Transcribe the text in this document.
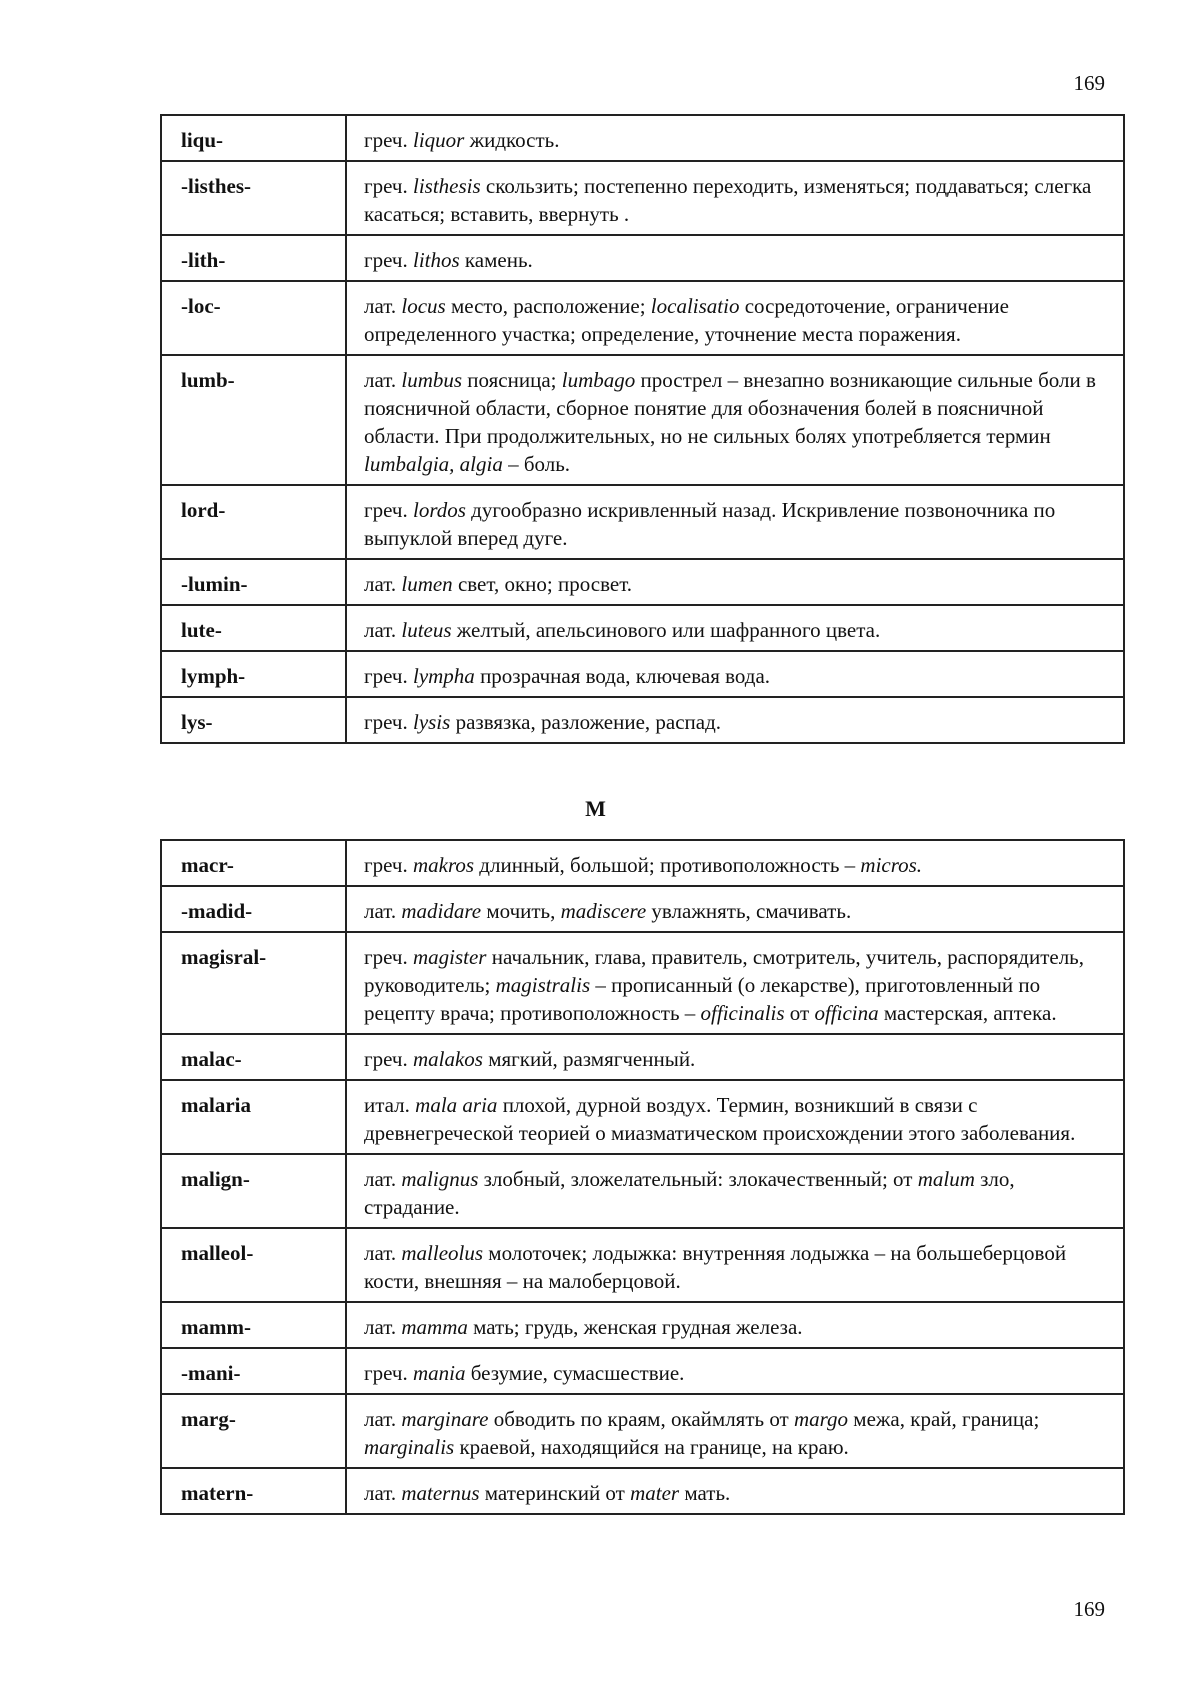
169
liqu-	греч. liquor жидкость.
-listhes-	греч. listhesis скользить; постепенно переходить, изменяться; поддаваться; слегка касаться; вставить, ввернуть .
-lith-	греч. lithos камень.
-loc-	лат. locus место, расположение; localisatio сосредоточение, ограничение определенного участка; определение, уточнение места поражения.
lumb-	лат. lumbus поясница; lumbago прострел – внезапно возникающие сильные боли в поясничной области, сборное понятие для обозначения болей в поясничной области. При продолжительных, но не сильных болях употребляется термин lumbalgia, algia – боль.
lord-	греч. lordos дугообразно искривленный назад. Искривление позвоночника по выпуклой вперед дуге.
-lumin-	лат. lumen свет, окно; просвет.
lute-	лат. luteus желтый, апельсинового или шафранного цвета.
lymph-	греч. lympha прозрачная вода, ключевая вода.
lys-	греч. lysis развязка, разложение, распад.
M
macr-	греч. makros длинный, большой; противоположность – micros.
-madid-	лат. madidare мочить, madiscere увлажнять, смачивать.
magisral-	греч. magister начальник, глава, правитель, смотритель, учитель, распорядитель, руководитель; magistralis – прописанный (о лекарстве), приготовленный по рецепту врача; противоположность – officinalis от officina мастерская, аптека.
malac-	греч. malakos мягкий, размягченный.
malaria	итал. mala aria плохой, дурной воздух. Термин, возникший в связи с древнегреческой теорией о миазматическом происхождении этого заболевания.
malign-	лат. malignus злобный, зложелательный: злокачественный; от malum зло, страдание.
malleol-	лат. malleolus молоточек; лодыжка: внутренняя лодыжка – на большеберцовой кости, внешняя – на малоберцовой.
mamm-	лат. mamma мать; грудь, женская грудная железа.
-mani-	греч. mania безумие, сумасшествие.
marg-	лат. marginare обводить по краям, окаймлять от margo межа, край, граница; marginalis краевой, находящийся на границе, на краю.
matern-	лат. maternus материнский от mater мать.
169
